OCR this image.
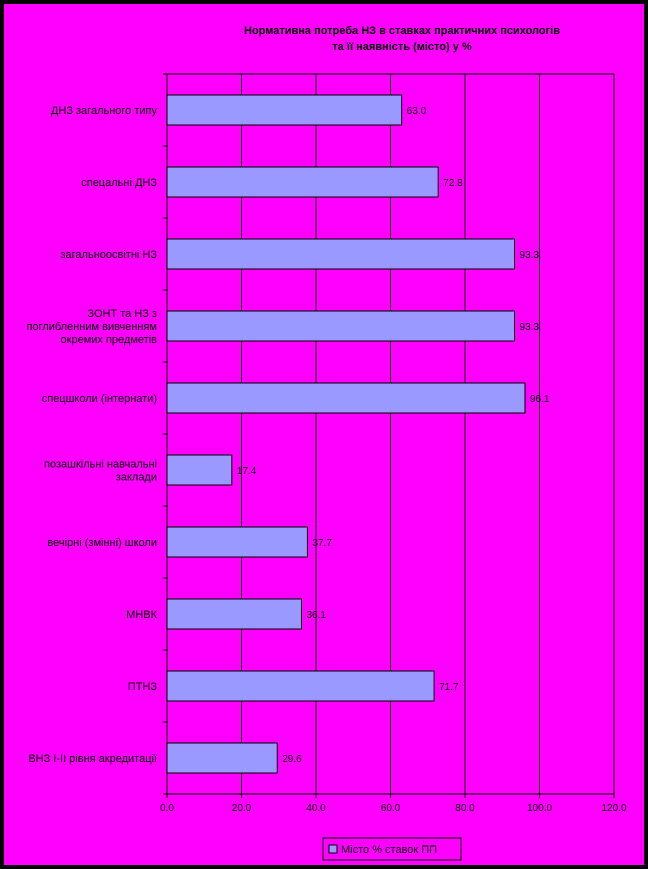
Нормативна потреба НЗ в ставках практичних психологів
та її наявність (місто) у %
0.0	20.0	40.0	60.0	80.0	100.0	120.0
63.0
ДНЗ загального типу
72.8
спецальні ДНЗ
93.3
загальноосвітні НЗ
93.3
ЗОНТ та НЗ з
поглибленним вивченням
окремих предметів
96.1
спецшколи (інтернати)
17.4
позашкільні навчальні
заклади
37.7
вечірні (змінні) школи
36.1
МНВК
71.7
ПТНЗ
29.6
ВНЗ I-II рівня акредитації
Місто % ставок ПП
